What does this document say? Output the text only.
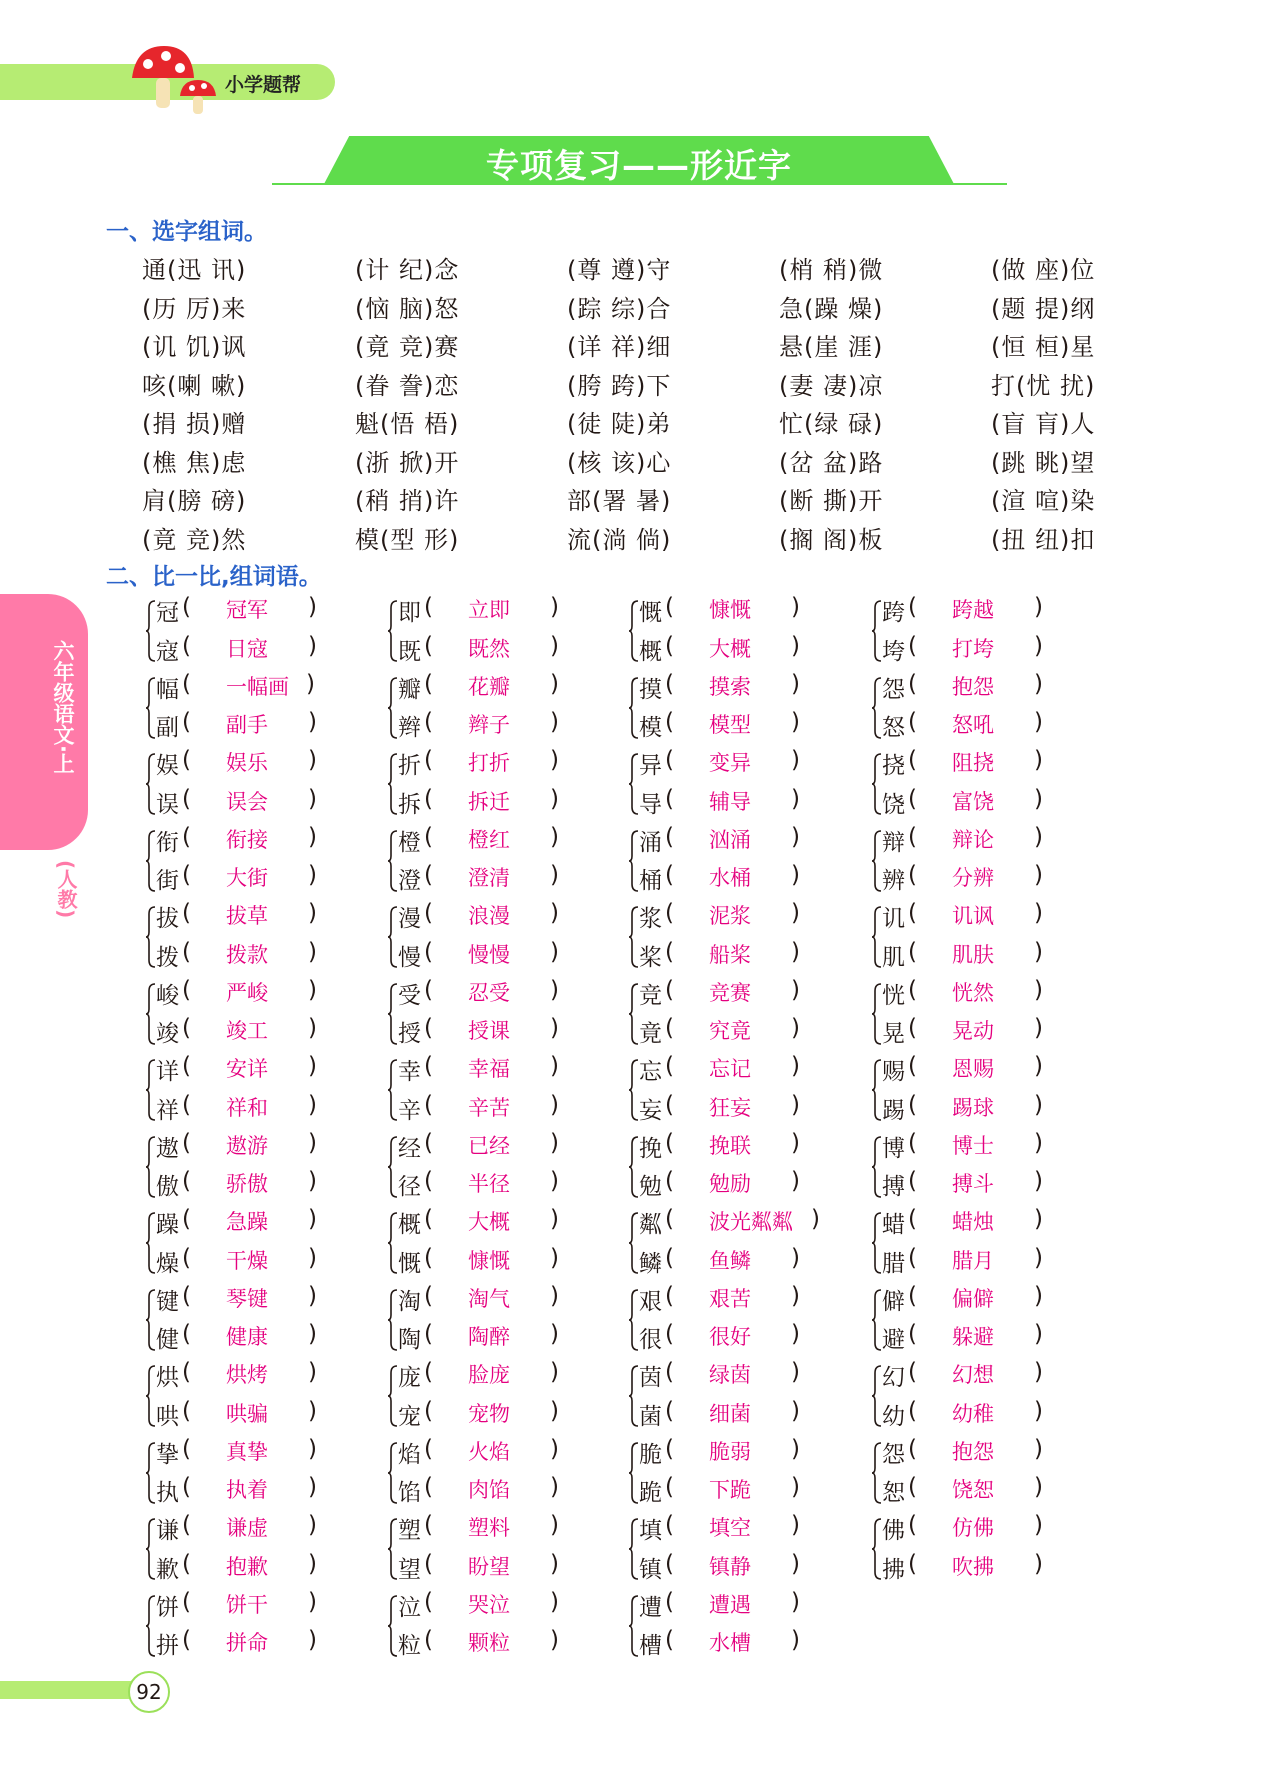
小学题帮
专项复习——形近字
一、选字组词。
通(迅 讯)	(计 纪)念	(尊 遵)守	(梢 稍)微	(做 座)位
(历 厉)来	(恼 脑)怒	(踪 综)合	急(躁 燥)	(题 提)纲
(讥 饥)讽	(竟 竞)赛	(详 祥)细	悬(崖 涯)	(恒 桓)星
咳(喇 嗽)	(眷 誊)恋	(胯 跨)下	(妻 凄)凉	打(忧 扰)
(捐 损)赠	魁(悟 梧)	(徒 陡)弟	忙(绿 碌)	(盲 肓)人
(樵 焦)虑	(浙 掀)开	(核 该)心	(岔 盆)路	(跳 眺)望
肩(膀 磅)	(稍 捎)许	部(署 暑)	(断 撕)开	(渲 喧)染
(竟 竞)然	模(型 形)	流(淌 倘)	(搁 阁)板	(扭 纽)扣
二、比一比,组词语。
冠 ( 冠军 )
寇 ( 日寇 )
幅 ( 一幅画 )
副 ( 副手 )
娱 ( 娱乐 )
误 ( 误会 )
衔 ( 衔接 )
街 ( 大街 )
拔 ( 拔草 )
拨 ( 拨款 )
峻 ( 严峻 )
竣 ( 竣工 )
详 ( 安详 )
祥 ( 祥和 )
遨 ( 遨游 )
傲 ( 骄傲 )
躁 ( 急躁 )
燥 ( 干燥 )
键 ( 琴键 )
健 ( 健康 )
烘 ( 烘烤 )
哄 ( 哄骗 )
挚 ( 真挚 )
执 ( 执着 )
谦 ( 谦虚 )
歉 ( 抱歉 )
饼 ( 饼干 )
拼 ( 拼命 )
即 ( 立即 )
既 ( 既然 )
瓣 ( 花瓣 )
辫 ( 辫子 )
折 ( 打折 )
拆 ( 拆迁 )
橙 ( 橙红 )
澄 ( 澄清 )
漫 ( 浪漫 )
慢 ( 慢慢 )
受 ( 忍受 )
授 ( 授课 )
幸 ( 幸福 )
辛 ( 辛苦 )
经 ( 已经 )
径 ( 半径 )
概 ( 大概 )
慨 ( 慷慨 )
淘 ( 淘气 )
陶 ( 陶醉 )
庞 ( 脸庞 )
宠 ( 宠物 )
焰 ( 火焰 )
馅 ( 肉馅 )
塑 ( 塑料 )
望 ( 盼望 )
泣 ( 哭泣 )
粒 ( 颗粒 )
慨 ( 慷慨 )
概 ( 大概 )
摸 ( 摸索 )
模 ( 模型 )
异 ( 变异 )
导 ( 辅导 )
涌 ( 汹涌 )
桶 ( 水桶 )
浆 ( 泥浆 )
桨 ( 船桨 )
竞 ( 竞赛 )
竟 ( 究竟 )
忘 ( 忘记 )
妄 ( 狂妄 )
挽 ( 挽联 )
勉 ( 勉励 )
粼 ( 波光粼粼 )
鳞 ( 鱼鳞 )
艰 ( 艰苦 )
很 ( 很好 )
茵 ( 绿茵 )
菌 ( 细菌 )
脆 ( 脆弱 )
跪 ( 下跪 )
填 ( 填空 )
镇 ( 镇静 )
遭 ( 遭遇 )
槽 ( 水槽 )
跨 ( 跨越 )
垮 ( 打垮 )
怨 ( 抱怨 )
怒 ( 怒吼 )
挠 ( 阻挠 )
饶 ( 富饶 )
辩 ( 辩论 )
辨 ( 分辨 )
讥 ( 讥讽 )
肌 ( 肌肤 )
恍 ( 恍然 )
晃 ( 晃动 )
赐 ( 恩赐 )
踢 ( 踢球 )
博 ( 博士 )
搏 ( 搏斗 )
蜡 ( 蜡烛 )
腊 ( 腊月 )
僻 ( 偏僻 )
避 ( 躲避 )
幻 ( 幻想 )
幼 ( 幼稚 )
怨 ( 抱怨 )
恕 ( 饶恕 )
佛 ( 仿佛 )
拂 ( 吹拂 )
六年级语文·上
(人教)
92
